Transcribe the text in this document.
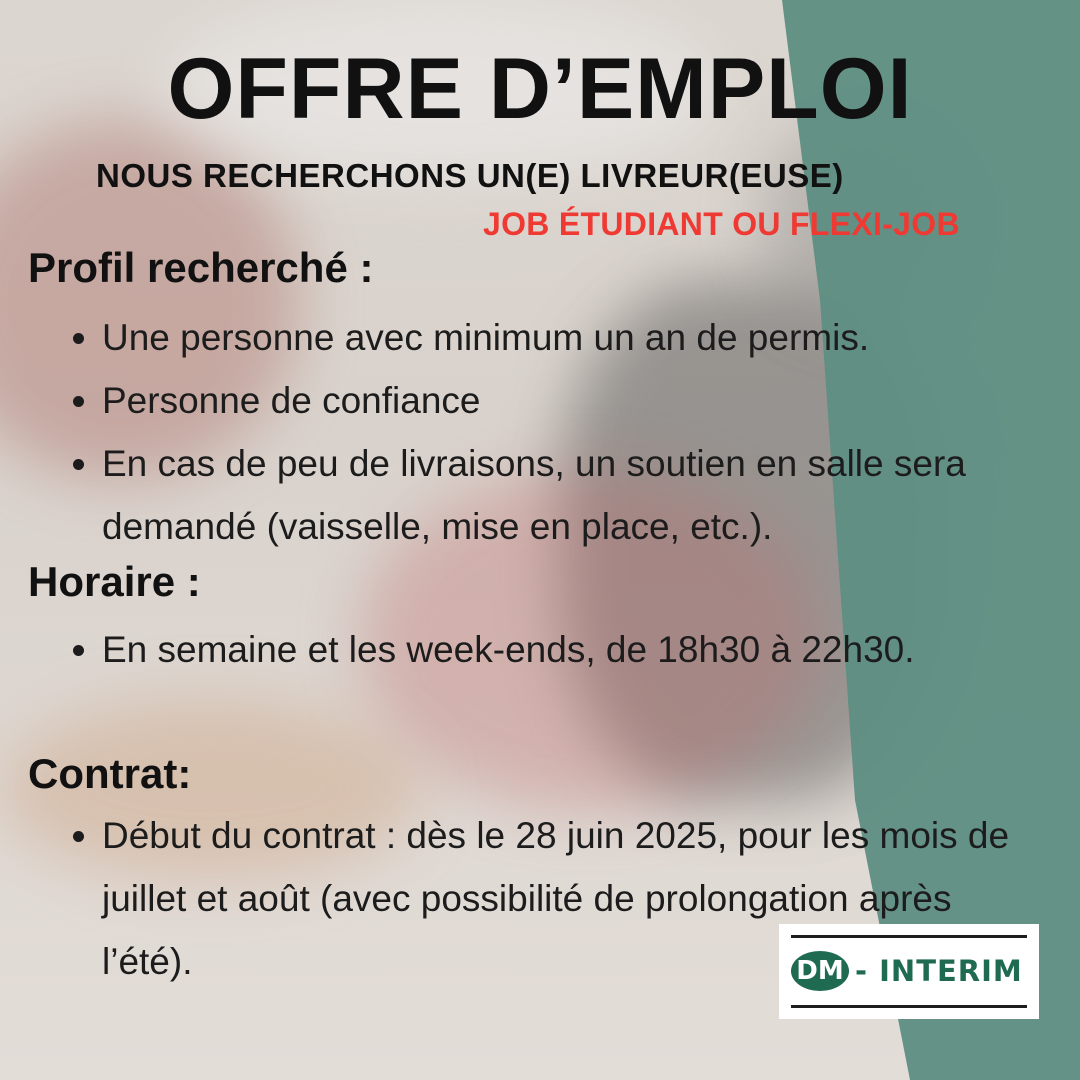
OFFRE D’EMPLOI
NOUS RECHERCHONS UN(E) LIVREUR(EUSE)
JOB ÉTUDIANT OU FLEXI-JOB
Profil recherché :
• Une personne avec minimum un an de permis.
• Personne de confiance
• En cas de peu de livraisons, un soutien en salle sera demandé (vaisselle, mise en place, etc.).
Horaire :
• En semaine et les week-ends, de 18h30 à 22h30.
Contrat:
• Début du contrat : dès le 28 juin 2025, pour les mois de juillet et août (avec possibilité de prolongation après l’été).	DM - INTERIM
